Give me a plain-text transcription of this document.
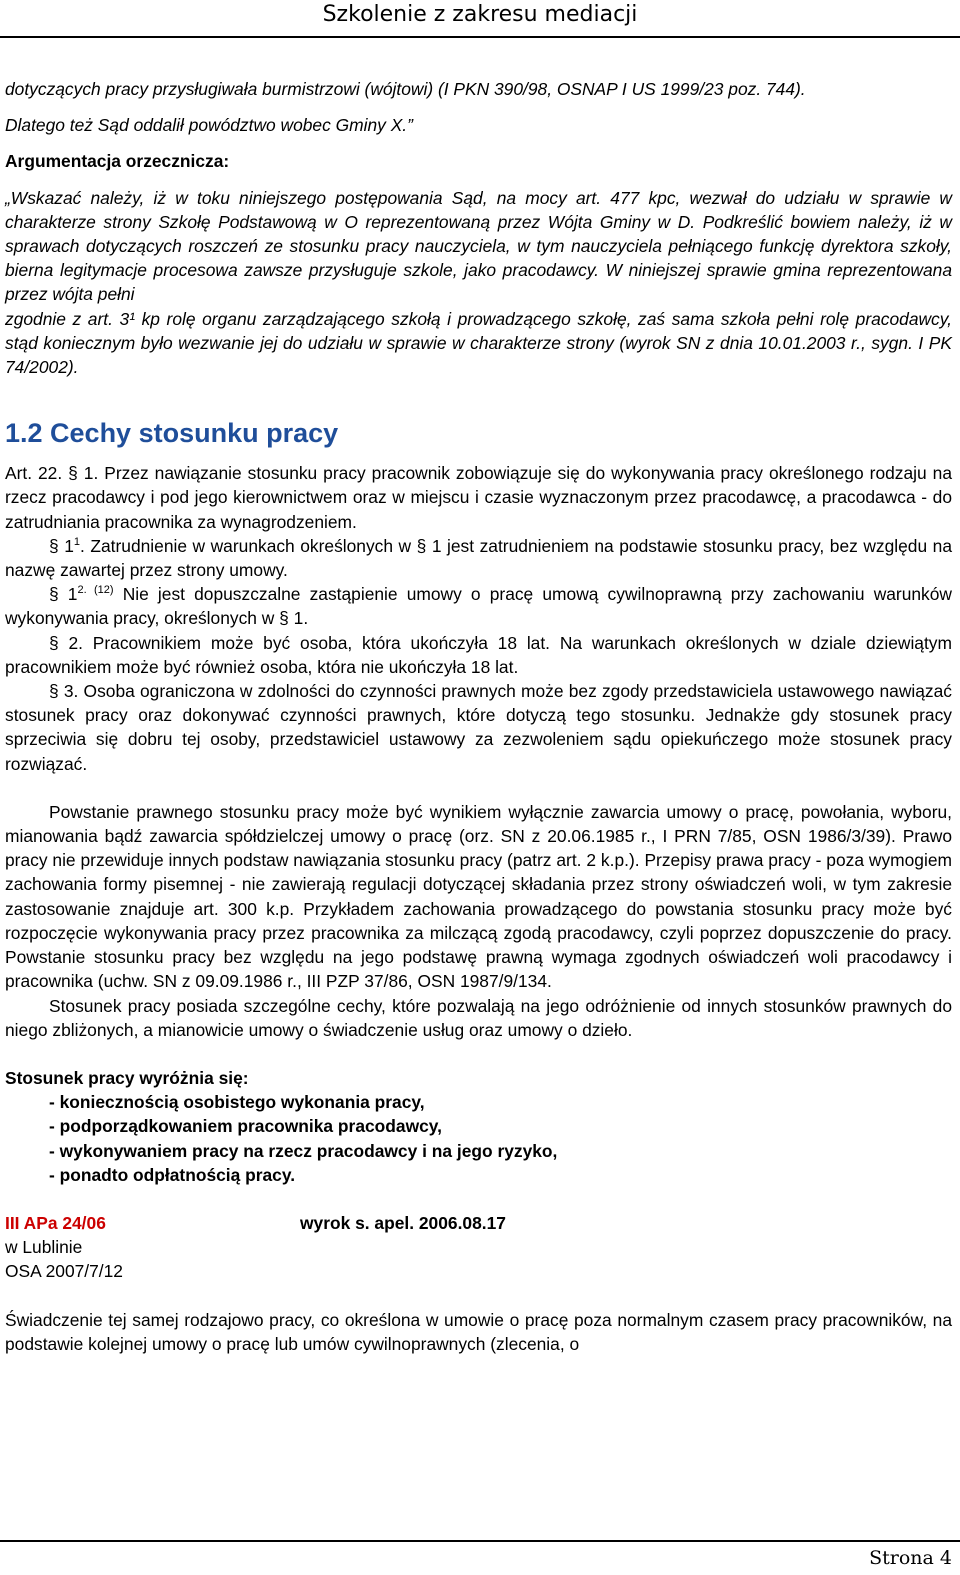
Szkolenie z zakresu mediacji

dotyczących pracy przysługiwała burmistrzowi (wójtowi) (I PKN 390/98, OSNAP I US 1999/23 poz. 744).

Dlatego też Sąd oddalił powództwo wobec Gminy X.”

Argumentacja orzecznicza:

„Wskazać należy, iż w toku niniejszego postępowania Sąd, na mocy art. 477 kpc, wezwał do udziału w sprawie w charakterze strony Szkołę Podstawową w O reprezentowaną przez Wójta Gminy w D. Podkreślić bowiem należy, iż w sprawach dotyczących roszczeń ze stosunku pracy nauczyciela, w tym nauczyciela pełniącego funkcję dyrektora szkoły, bierna legitymacje procesowa zawsze przysługuje szkole, jako pracodawcy. W niniejszej sprawie gmina reprezentowana przez wójta pełni

zgodnie z art. 3¹ kp rolę organu zarządzającego szkołą i prowadzącego szkołę, zaś sama szkoła pełni rolę pracodawcy, stąd koniecznym było wezwanie jej do udziału w sprawie w charakterze strony (wyrok SN z dnia 10.01.2003 r., sygn. I PK 74/2002).

1.2 Cechy stosunku pracy

Art. 22. § 1. Przez nawiązanie stosunku pracy pracownik zobowiązuje się do wykonywania pracy określonego rodzaju na rzecz pracodawcy i pod jego kierownictwem oraz w miejscu i czasie wyznaczonym przez pracodawcę, a pracodawca - do zatrudniania pracownika za wynagrodzeniem.

§ $1^1$. Zatrudnienie w warunkach określonych w § 1 jest zatrudnieniem na podstawie stosunku pracy, bez względu na nazwę zawartej przez strony umowy.

§ $1^{2. (12)}$ Nie jest dopuszczalne zastąpienie umowy o pracę umową cywilnoprawną przy zachowaniu warunków wykonywania pracy, określonych w § 1.

§ 2. Pracownikiem może być osoba, która ukończyła 18 lat. Na warunkach określonych w dziale dziewiątym pracownikiem może być również osoba, która nie ukończyła 18 lat.

§ 3. Osoba ograniczona w zdolności do czynności prawnych może bez zgody przedstawiciela ustawowego nawiązać stosunek pracy oraz dokonywać czynności prawnych, które dotyczą tego stosunku. Jednakże gdy stosunek pracy sprzeciwia się dobru tej osoby, przedstawiciel ustawowy za zezwoleniem sądu opiekuńczego może stosunek pracy rozwiązać.

Powstanie prawnego stosunku pracy może być wynikiem wyłącznie zawarcia umowy o pracę, powołania, wyboru, mianowania bądź zawarcia spółdzielczej umowy o pracę (orz. SN z 20.06.1985 r., I PRN 7/85, OSN 1986/3/39). Prawo pracy nie przewiduje innych podstaw nawiązania stosunku pracy (patrz art. 2 k.p.). Przepisy prawa pracy - poza wymogiem zachowania formy pisemnej - nie zawierają regulacji dotyczącej składania przez strony oświadczeń woli, w tym zakresie zastosowanie znajduje art. 300 k.p. Przykładem zachowania prowadzącego do powstania stosunku pracy może być rozpoczęcie wykonywania pracy przez pracownika za milczącą zgodą pracodawcy, czyli poprzez dopuszczenie do pracy. Powstanie stosunku pracy bez względu na jego podstawę prawną wymaga zgodnych oświadczeń woli pracodawcy i pracownika (uchw. SN z 09.09.1986 r., III PZP 37/86, OSN 1987/9/134.

Stosunek pracy posiada szczególne cechy, które pozwalają na jego odróżnienie od innych stosunków prawnych do niego zbliżonych, a mianowicie umowy o świadczenie usług oraz umowy o dzieło.

Stosunek pracy wyróżnia się:

- koniecznością osobistego wykonania pracy,
- podporządkowaniem pracownika pracodawcy,
- wykonywaniem pracy na rzecz pracodawcy i na jego ryzyko,
- ponadto odpłatnością pracy.
III APa 24/06	wyrok s. apel. 2006.08.17

w Lublinie

OSA 2007/7/12

Świadczenie tej samej rodzajowo pracy, co określona w umowie o pracę poza normalnym czasem pracy pracowników, na podstawie kolejnej umowy o pracę lub umów cywilnoprawnych (zlecenia, o

Strona 4
